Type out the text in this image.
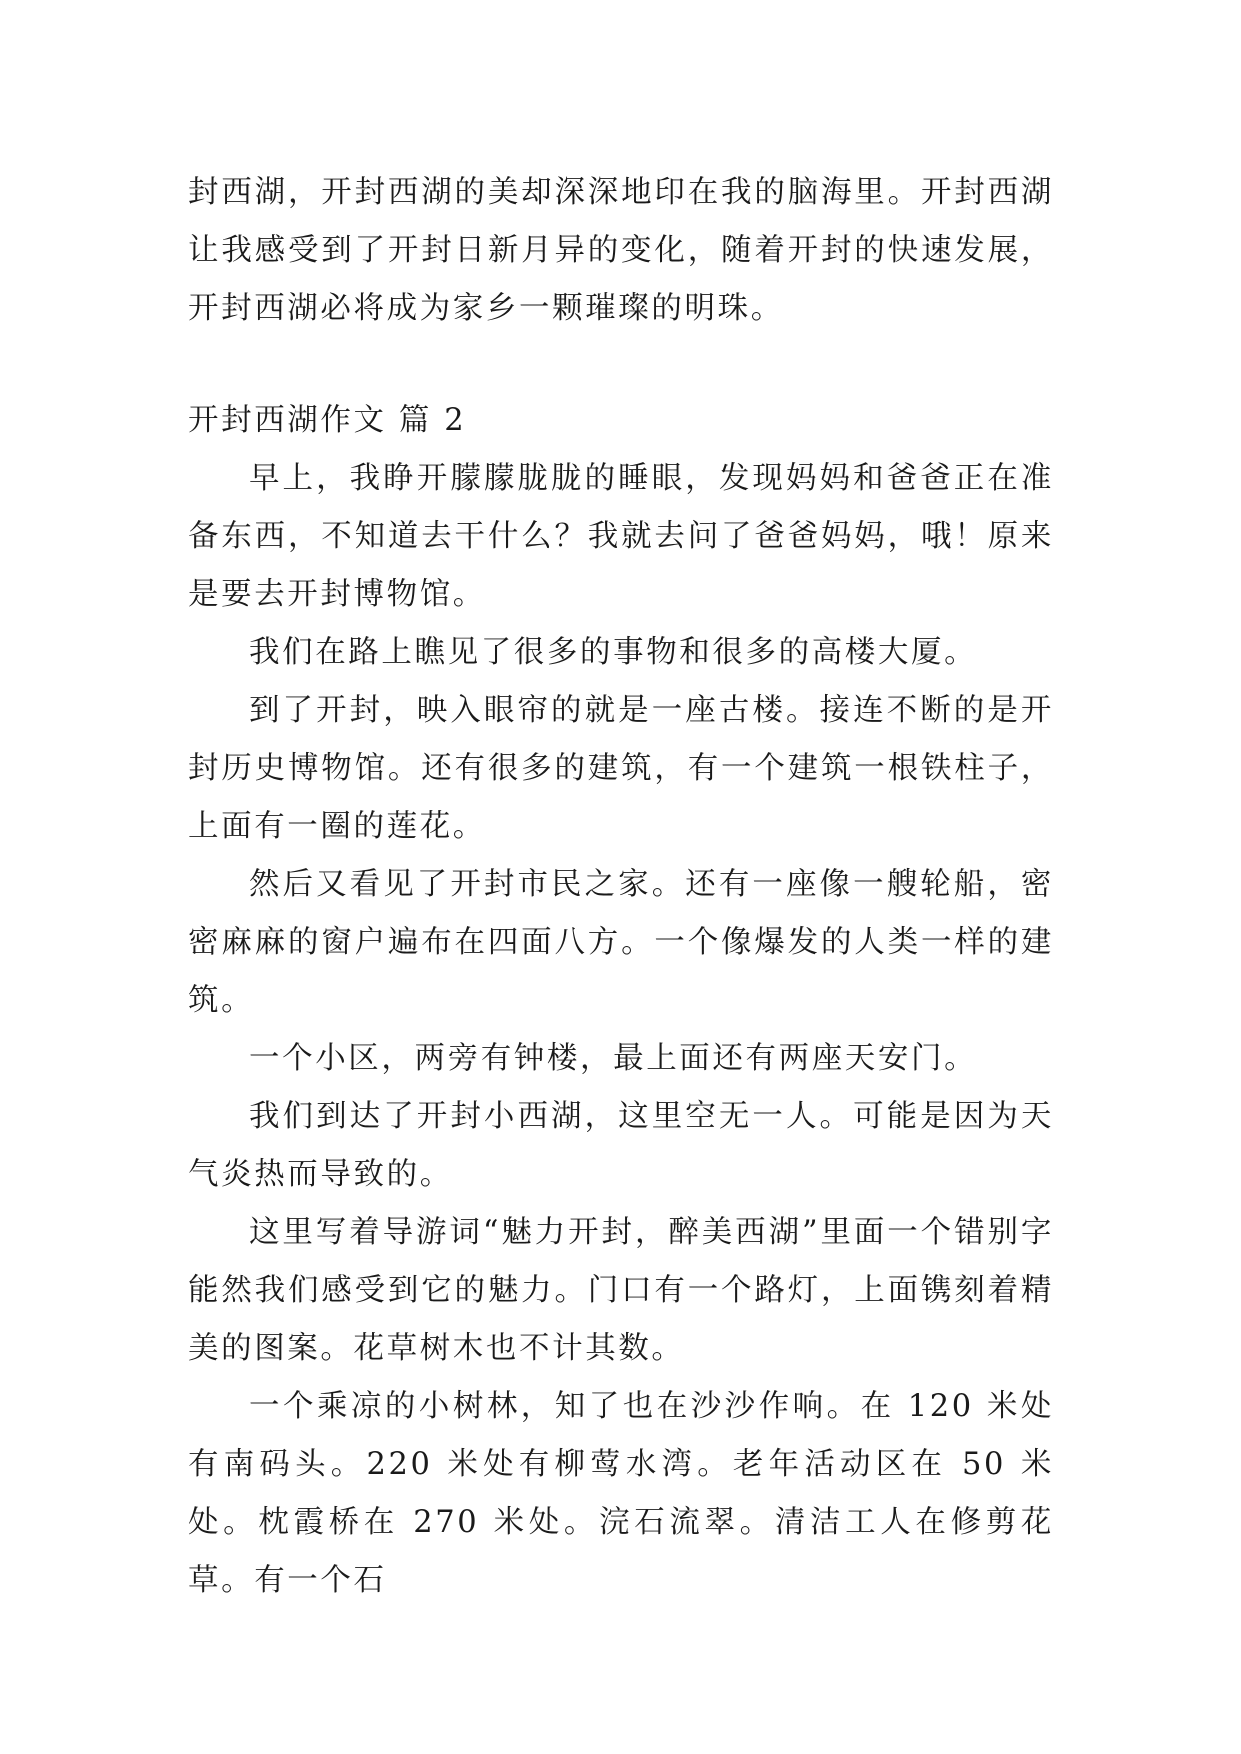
封西湖，开封西湖的美却深深地印在我的脑海里。开封西湖让我感受到了开封日新月异的变化，随着开封的快速发展，开封西湖必将成为家乡一颗璀璨的明珠。

开封西湖作文 篇 2

早上，我睁开朦朦胧胧的睡眼，发现妈妈和爸爸正在准备东西，不知道去干什么？我就去问了爸爸妈妈，哦！原来是要去开封博物馆。

我们在路上瞧见了很多的事物和很多的高楼大厦。

到了开封，映入眼帘的就是一座古楼。接连不断的是开封历史博物馆。还有很多的建筑，有一个建筑一根铁柱子，上面有一圈的莲花。

然后又看见了开封市民之家。还有一座像一艘轮船，密密麻麻的窗户遍布在四面八方。一个像爆发的人类一样的建筑。

一个小区，两旁有钟楼，最上面还有两座天安门。

我们到达了开封小西湖，这里空无一人。可能是因为天气炎热而导致的。

这里写着导游词“魅力开封，醉美西湖”里面一个错别字能然我们感受到它的魅力。门口有一个路灯，上面镌刻着精美的图案。花草树木也不计其数。

一个乘凉的小树林，知了也在沙沙作响。在 120 米处有南码头。220 米处有柳莺水湾。老年活动区在 50 米处。枕霞桥在 270 米处。浣石流翠。清洁工人在修剪花草。有一个石
